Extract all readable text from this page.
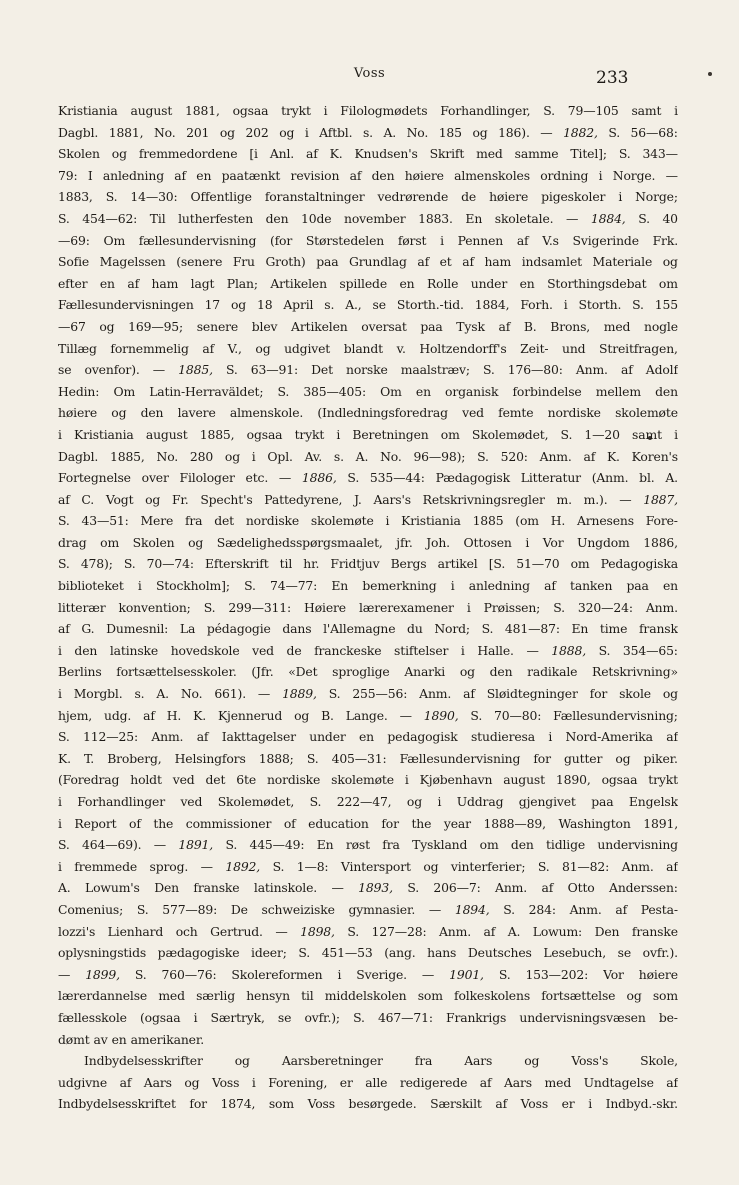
Voss	233
Kristiania august 1881, ogsaa trykt i Filologmødets Forhandlinger, S. 79—105 samt i
Dagbl. 1881, No. 201 og 202 og i Aftbl. s. A. No. 185 og 186). — 1882, S. 56—68:
Skolen og fremmedordene [i Anl. af K. Knudsen's Skrift med samme Titel]; S. 343—
79: I anledning af en paatænkt revision af den høiere almenskoles ordning i Norge. —
1883, S. 14—30: Offentlige foranstaltninger vedrørende de høiere pigeskoler i Norge;
S. 454—62: Til lutherfesten den 10de november 1883. En skoletale. — 1884, S. 40
—69: Om fællesundervisning (for Størstedelen først i Pennen af V.s Svigerinde Frk.
Sofie Magelssen (senere Fru Groth) paa Grundlag af et af ham indsamlet Materiale og
efter en af ham lagt Plan; Artikelen spillede en Rolle under en Storthingsdebat om
Fællesundervisningen 17 og 18 April s. A., se Storth.-tid. 1884, Forh. i Storth. S. 155
—67 og 169—95; senere blev Artikelen oversat paa Tysk af B. Brons, med nogle
Tillæg fornemmelig af V., og udgivet blandt v. Holtzendorff's Zeit- und Streitfragen,
se ovenfor). — 1885, S. 63—91: Det norske maalstræv; S. 176—80: Anm. af Adolf
Hedin: Om Latin-Herraväldet; S. 385—405: Om en organisk forbindelse mellem den
høiere og den lavere almenskole. (Indledningsforedrag ved femte nordiske skolemøte
i Kristiania august 1885, ogsaa trykt i Beretningen om Skolemødet, S. 1—20 samt i
Dagbl. 1885, No. 280 og i Opl. Av. s. A. No. 96—98); S. 520: Anm. af K. Koren's
Fortegnelse over Filologer etc. — 1886, S. 535—44: Pædagogisk Litteratur (Anm. bl. A.
af C. Vogt og Fr. Specht's Pattedyrene, J. Aars's Retskrivningsregler m. m.). — 1887,
S. 43—51: Mere fra det nordiske skolemøte i Kristiania 1885 (om H. Arnesens Fore-
drag om Skolen og Sædelighedsspørgsmaalet, jfr. Joh. Ottosen i Vor Ungdom 1886,
S. 478); S. 70—74: Efterskrift til hr. Fridtjuv Bergs artikel [S. 51—70 om Pedagogiska
biblioteket i Stockholm]; S. 74—77: En bemerkning i anledning af tanken paa en
litterær konvention; S. 299—311: Høiere lærerexamener i Prøissen; S. 320—24: Anm.
af G. Dumesnil: La pédagogie dans l'Allemagne du Nord; S. 481—87: En time fransk
i den latinske hovedskole ved de franckeske stiftelser i Halle. — 1888, S. 354—65:
Berlins fortsættelsesskoler. (Jfr. «Det sproglige Anarki og den radikale Retskrivning»
i Morgbl. s. A. No. 661). — 1889, S. 255—56: Anm. af Sløidtegninger for skole og
hjem, udg. af H. K. Kjennerud og B. Lange. — 1890, S. 70—80: Fællesundervisning;
S. 112—25: Anm. af Iakttagelser under en pedagogisk studieresa i Nord-Amerika af
K. T. Broberg, Helsingfors 1888; S. 405—31: Fællesundervisning for gutter og piker.
(Foredrag holdt ved det 6te nordiske skolemøte i Kjøbenhavn august 1890, ogsaa trykt
i Forhandlinger ved Skolemødet, S. 222—47, og i Uddrag gjengivet paa Engelsk
i Report of the commissioner of education for the year 1888—89, Washington 1891,
S. 464—69). — 1891, S. 445—49: En røst fra Tyskland om den tidlige undervisning
i fremmede sprog. — 1892, S. 1—8: Vintersport og vinterferier; S. 81—82: Anm. af
A. Lowum's Den franske latinskole. — 1893, S. 206—7: Anm. af Otto Anderssen:
Comenius; S. 577—89: De schweiziske gymnasier. — 1894, S. 284: Anm. af Pesta-
lozzi's Lienhard och Gertrud. — 1898, S. 127—28: Anm. af A. Lowum: Den franske
oplysningstids pædagogiske ideer; S. 451—53 (ang. hans Deutsches Lesebuch, se ovfr.).
— 1899, S. 760—76: Skolereformen i Sverige. — 1901, S. 153—202: Vor høiere
lærerdannelse med særlig hensyn til middelskolen som folkeskolens fortsættelse og som
fællesskole (ogsaa i Særtryk, se ovfr.); S. 467—71: Frankrigs undervisningsvæsen be-
dømt av en amerikaner.
Indbydelsesskrifter	og	Aarsberetninger	fra	Aars	og	Voss's	Skole,
udgivne af Aars og Voss i Forening, er alle redigerede af Aars med Undtagelse af
Indbydelsesskriftet for 1874, som Voss besørgede. Særskilt af Voss er i Indbyd.-skr.
